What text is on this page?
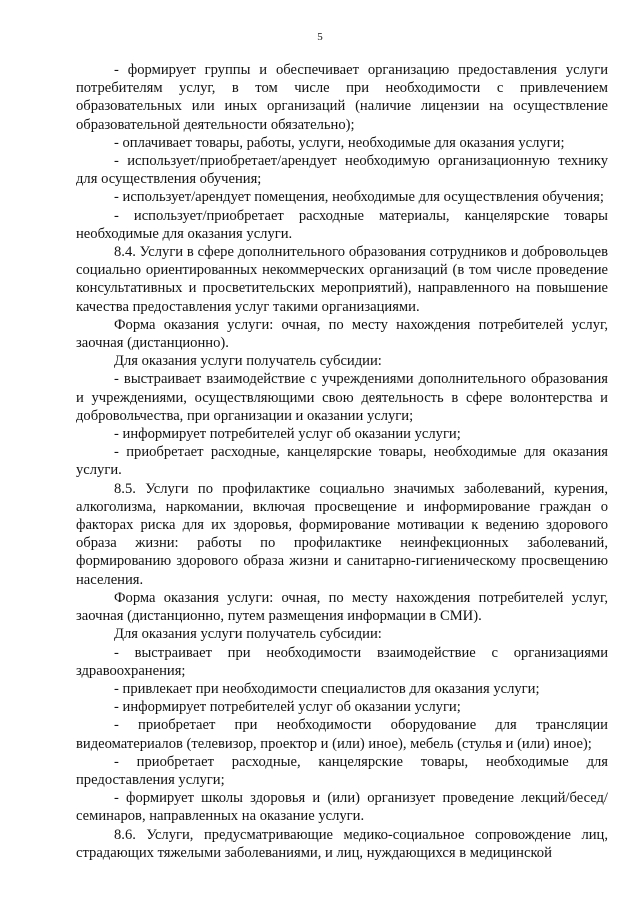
5

- формирует группы и обеспечивает организацию предоставления услуги потребителям услуг, в том числе при необходимости с привлечением образовательных или иных организаций (наличие лицензии на осуществление образовательной деятельности обязательно);

- оплачивает товары, работы, услуги, необходимые для оказания услуги;

- использует/приобретает/арендует необходимую организационную технику для осуществления обучения;

- использует/арендует помещения, необходимые для осуществления обучения;

- использует/приобретает расходные материалы, канцелярские товары необходимые для оказания услуги.

8.4. Услуги в сфере дополнительного образования сотрудников и добровольцев социально ориентированных некоммерческих организаций (в том числе проведение консультативных и просветительских мероприятий), направленного на повышение качества предоставления услуг такими организациями.

Форма оказания услуги: очная, по месту нахождения потребителей услуг, заочная (дистанционно).

Для оказания услуги получатель субсидии:

- выстраивает взаимодействие с учреждениями дополнительного образования и учреждениями, осуществляющими свою деятельность в сфере волонтерства и добровольчества, при организации и оказании услуги;

- информирует потребителей услуг об оказании услуги;

- приобретает расходные, канцелярские товары, необходимые для оказания услуги.

8.5. Услуги по профилактике социально значимых заболеваний, курения, алкоголизма, наркомании, включая просвещение и информирование граждан о факторах риска для их здоровья, формирование мотивации к ведению здорового образа жизни: работы по профилактике неинфекционных заболеваний, формированию здорового образа жизни и санитарно-гигиеническому просвещению населения.

Форма оказания услуги: очная, по месту нахождения потребителей услуг, заочная (дистанционно, путем размещения информации в СМИ).

Для оказания услуги получатель субсидии:

- выстраивает при необходимости взаимодействие с организациями здравоохранения;

- привлекает при необходимости специалистов для оказания услуги;

- информирует потребителей услуг об оказании услуги;

- приобретает при необходимости оборудование для трансляции видеоматериалов (телевизор, проектор и (или) иное), мебель (стулья и (или) иное);

- приобретает расходные, канцелярские товары, необходимые для предоставления услуги;

- формирует школы здоровья и (или) организует проведение лекций/бесед/семинаров, направленных на оказание услуги.

8.6. Услуги, предусматривающие медико-социальное сопровождение лиц, страдающих тяжелыми заболеваниями, и лиц, нуждающихся в медицинской
